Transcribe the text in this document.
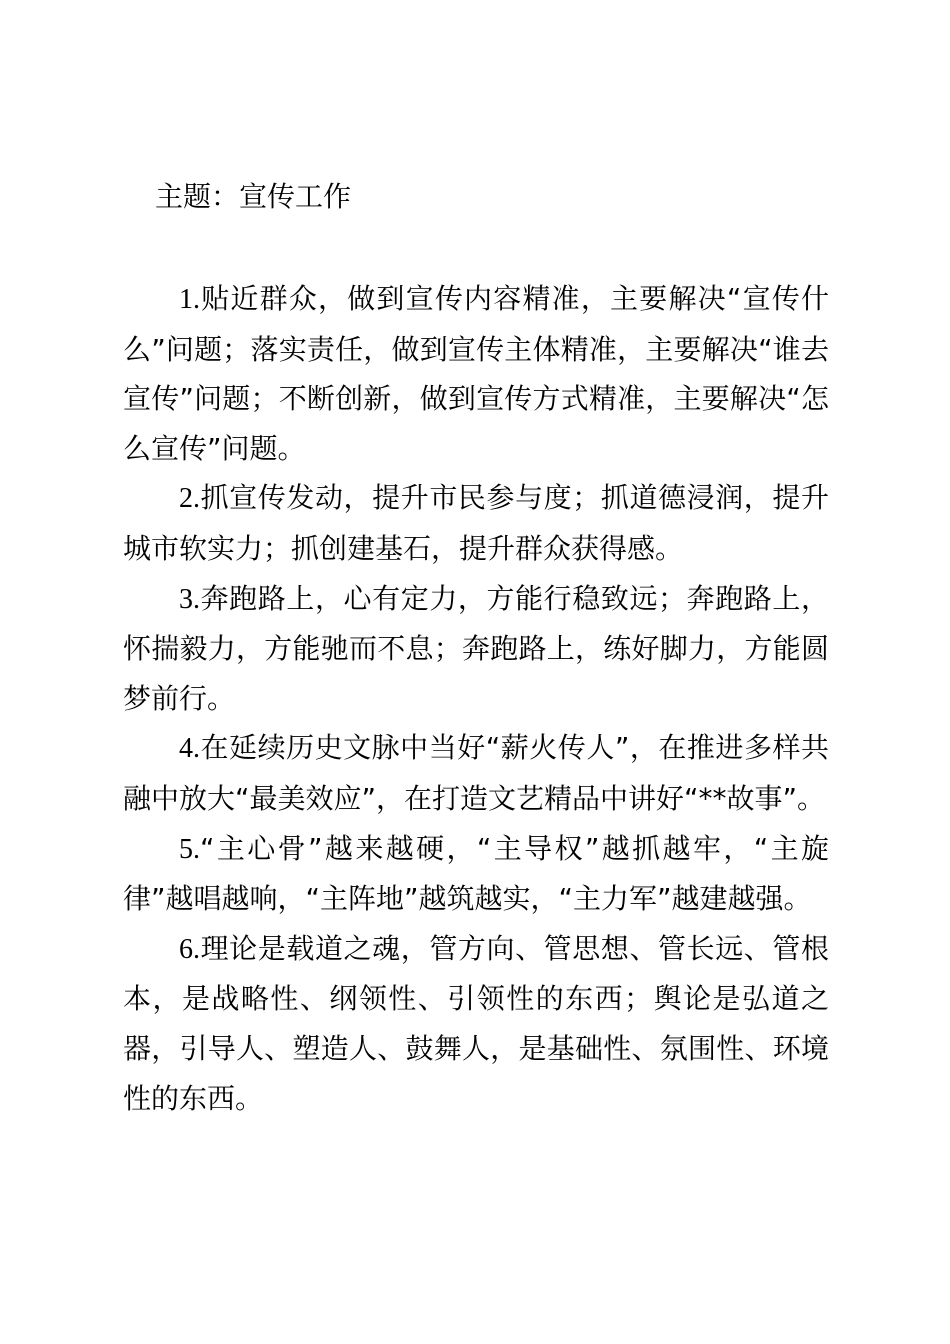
主题：宣传工作

1.贴近群众，做到宣传内容精准，主要解决“宣传什么”问题；落实责任，做到宣传主体精准，主要解决“谁去宣传”问题；不断创新，做到宣传方式精准，主要解决“怎么宣传”问题。

2.抓宣传发动，提升市民参与度；抓道德浸润，提升城市软实力；抓创建基石，提升群众获得感。

3.奔跑路上，心有定力，方能行稳致远；奔跑路上，怀揣毅力，方能驰而不息；奔跑路上，练好脚力，方能圆梦前行。

4.在延续历史文脉中当好“薪火传人”，在推进多样共融中放大“最美效应”，在打造文艺精品中讲好“**故事”。

5.“主心骨”越来越硬，“主导权”越抓越牢，“主旋律”越唱越响，“主阵地”越筑越实，“主力军”越建越强。

6.理论是载道之魂，管方向、管思想、管长远、管根本，是战略性、纲领性、引领性的东西；舆论是弘道之器，引导人、塑造人、鼓舞人，是基础性、氛围性、环境性的东西。
